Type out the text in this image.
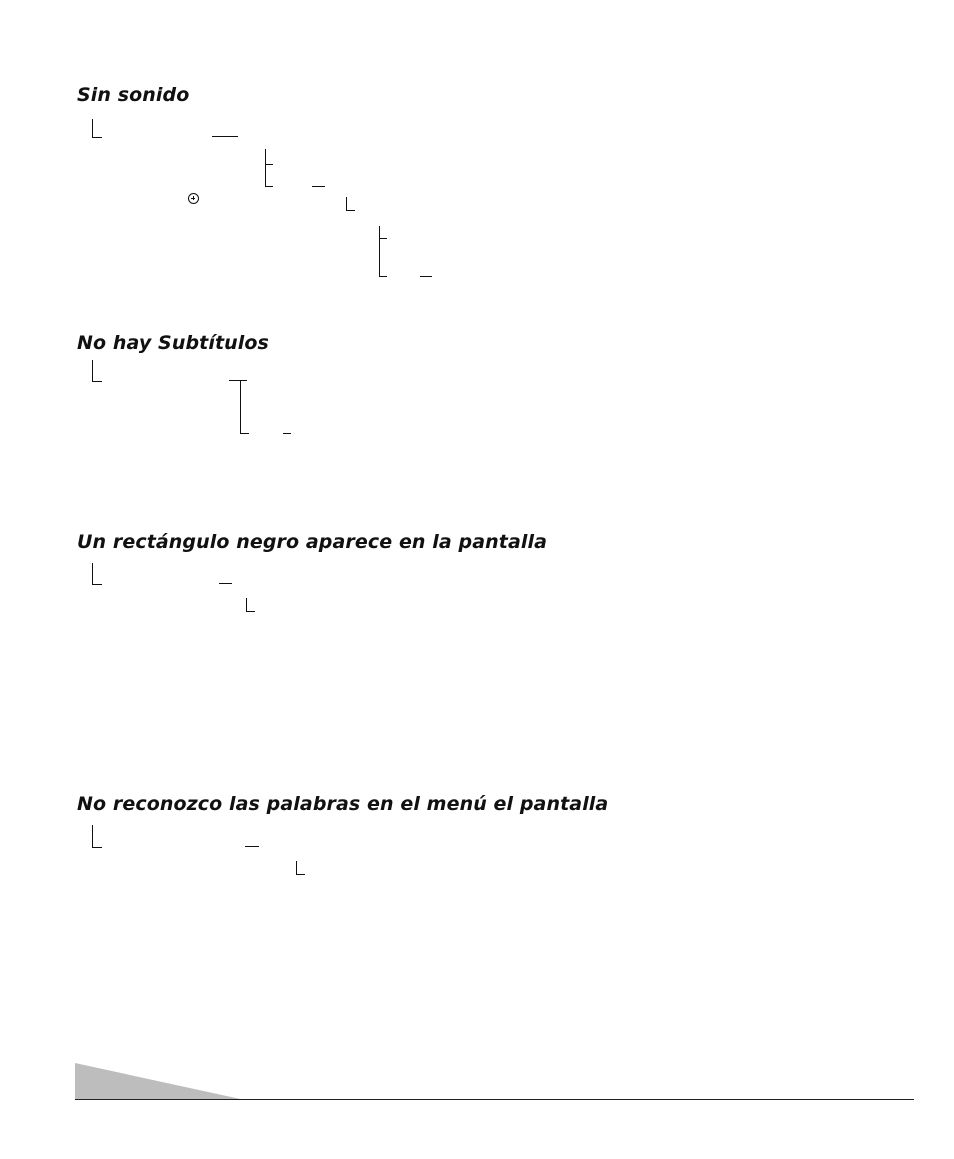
Sin sonido
No hay Subtítulos
Un rectángulo negro aparece en la pantalla
No reconozco las palabras en el menú el pantalla
